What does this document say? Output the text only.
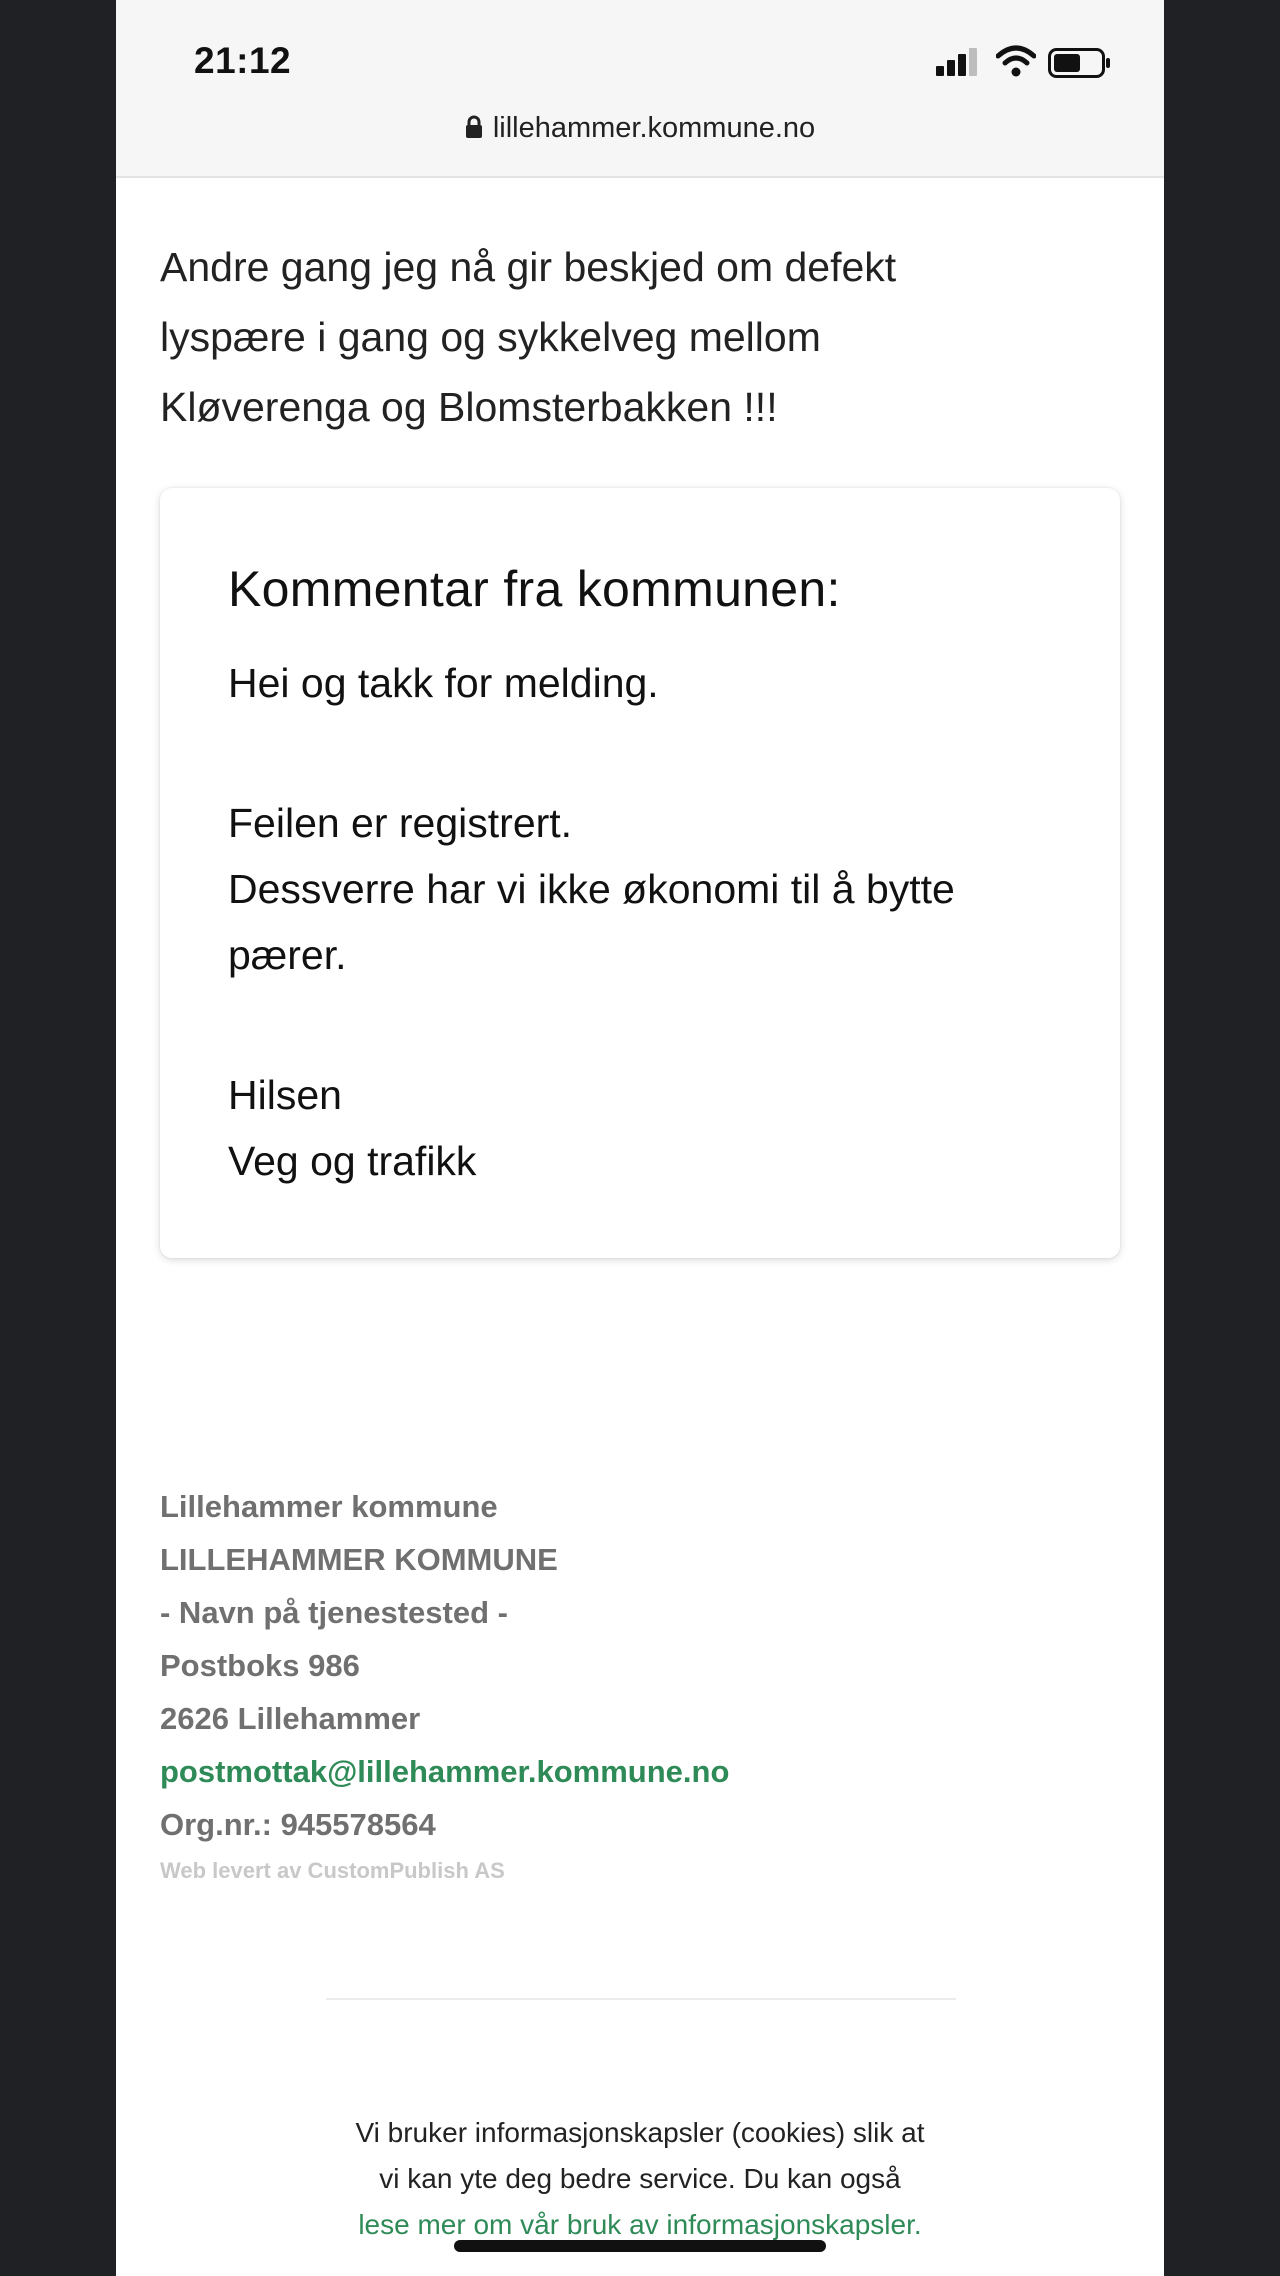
21:12
lillehammer.kommune.no
Andre gang jeg nå gir beskjed om defekt
lyspære i gang og sykkelveg mellom
Kløverenga og Blomsterbakken !!!
Kommentar fra kommunen:
Hei og takk for melding.
Feilen er registrert.
Dessverre har vi ikke økonomi til å bytte
pærer.
Hilsen
Veg og trafikk
Lillehammer kommune
LILLEHAMMER KOMMUNE
- Navn på tjenestested -
Postboks 986
2626 Lillehammer
postmottak@lillehammer.kommune.no
Org.nr.: 945578564
Web levert av CustomPublish AS
Vi bruker informasjonskapsler (cookies) slik at
vi kan yte deg bedre service. Du kan også
lese mer om vår bruk av informasjonskapsler.
